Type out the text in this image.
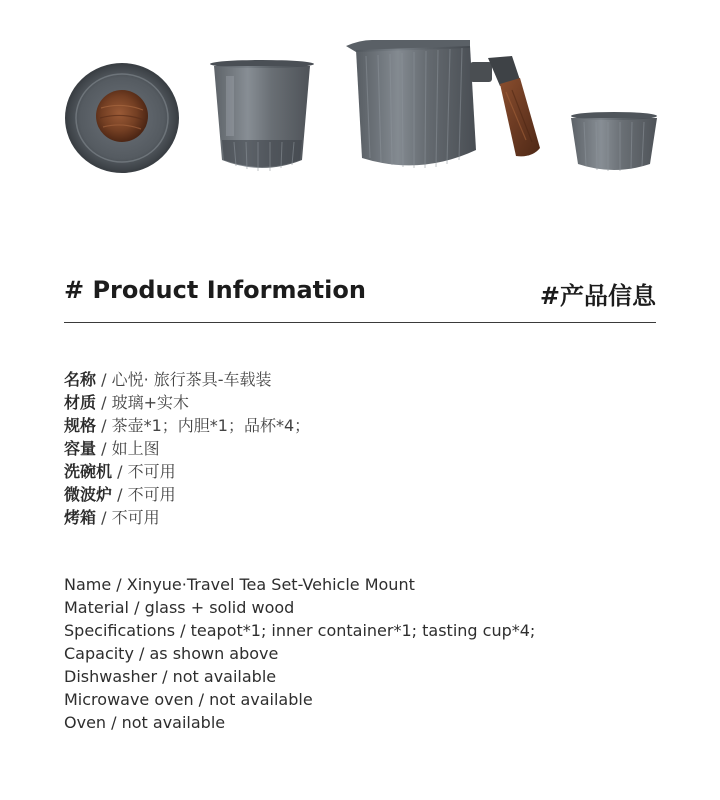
# Product Information	#产品信息
名称 / 心悦· 旅行茶具-车载装
材质 / 玻璃+实木
规格 / 茶壶*1；内胆*1；品杯*4；
容量 / 如上图
洗碗机 / 不可用
微波炉 / 不可用
烤箱 / 不可用
Name / Xinyue·Travel Tea Set-Vehicle Mount
Material / glass + solid wood
Specifications / teapot*1; inner container*1; tasting cup*4;
Capacity / as shown above
Dishwasher / not available
Microwave oven / not available
Oven / not available
